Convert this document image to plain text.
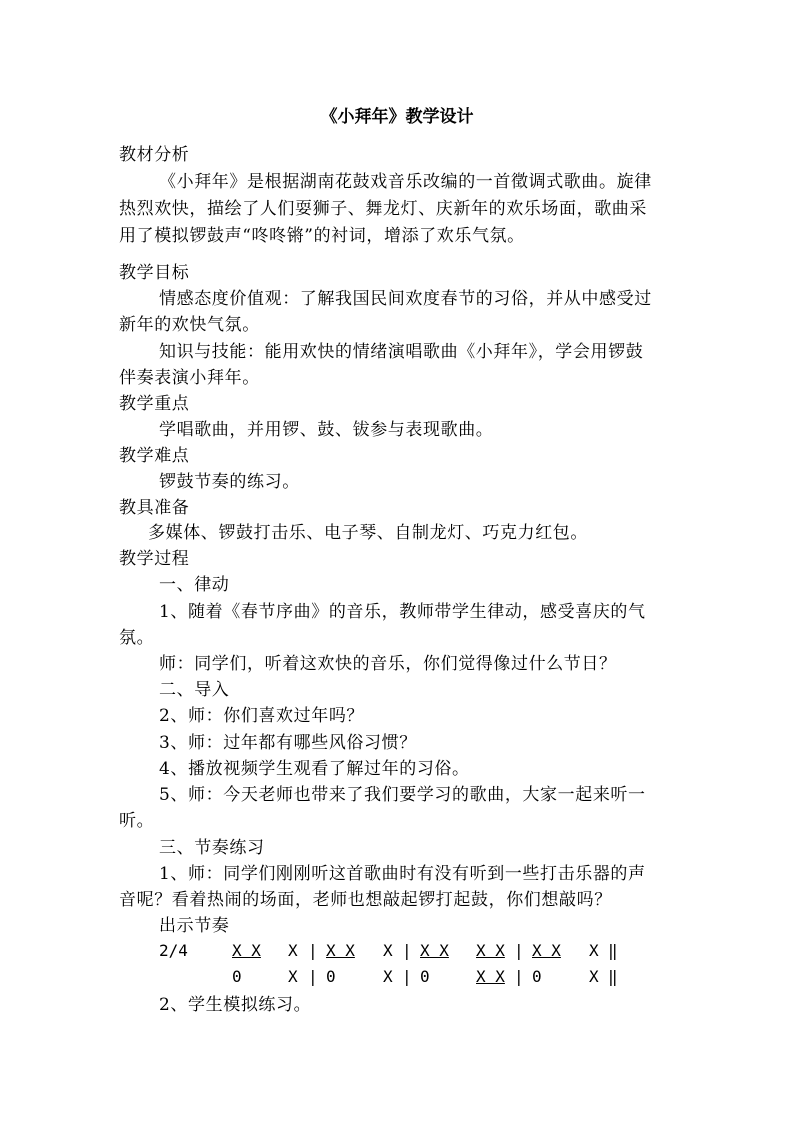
《小拜年》教学设计
教材分析
《小拜年》是根据湖南花鼓戏音乐改编的一首徵调式歌曲。旋律
热烈欢快，描绘了人们耍狮子、舞龙灯、庆新年的欢乐场面，歌曲采
用了模拟锣鼓声“咚咚锵”的衬词，增添了欢乐气氛。
教学目标
情感态度价值观：了解我国民间欢度春节的习俗，并从中感受过
新年的欢快气氛。
知识与技能：能用欢快的情绪演唱歌曲《小拜年》，学会用锣鼓
伴奏表演小拜年。
教学重点
学唱歌曲，并用锣、鼓、钹参与表现歌曲。
教学难点
锣鼓节奏的练习。
教具准备
多媒体、锣鼓打击乐、电子琴、自制龙灯、巧克力红包。
教学过程
一、律动
1、随着《春节序曲》的音乐，教师带学生律动，感受喜庆的气
氛。
师：同学们，听着这欢快的音乐，你们觉得像过什么节日？
二、导入
2、师：你们喜欢过年吗？
3、师：过年都有哪些风俗习惯？
4、播放视频学生观看了解过年的习俗。
5、师：今天老师也带来了我们要学习的歌曲，大家一起来听一
听。
三、节奏练习
1、师：同学们刚刚听这首歌曲时有没有听到一些打击乐器的声
音呢？看着热闹的场面，老师也想敲起锣打起鼓，你们想敲吗？
出示节奏
2/4	X X X | X X X | X X X X | X X X ‖
0	X | 0	X | 0	X X | 0	X ‖
2、学生模拟练习。
